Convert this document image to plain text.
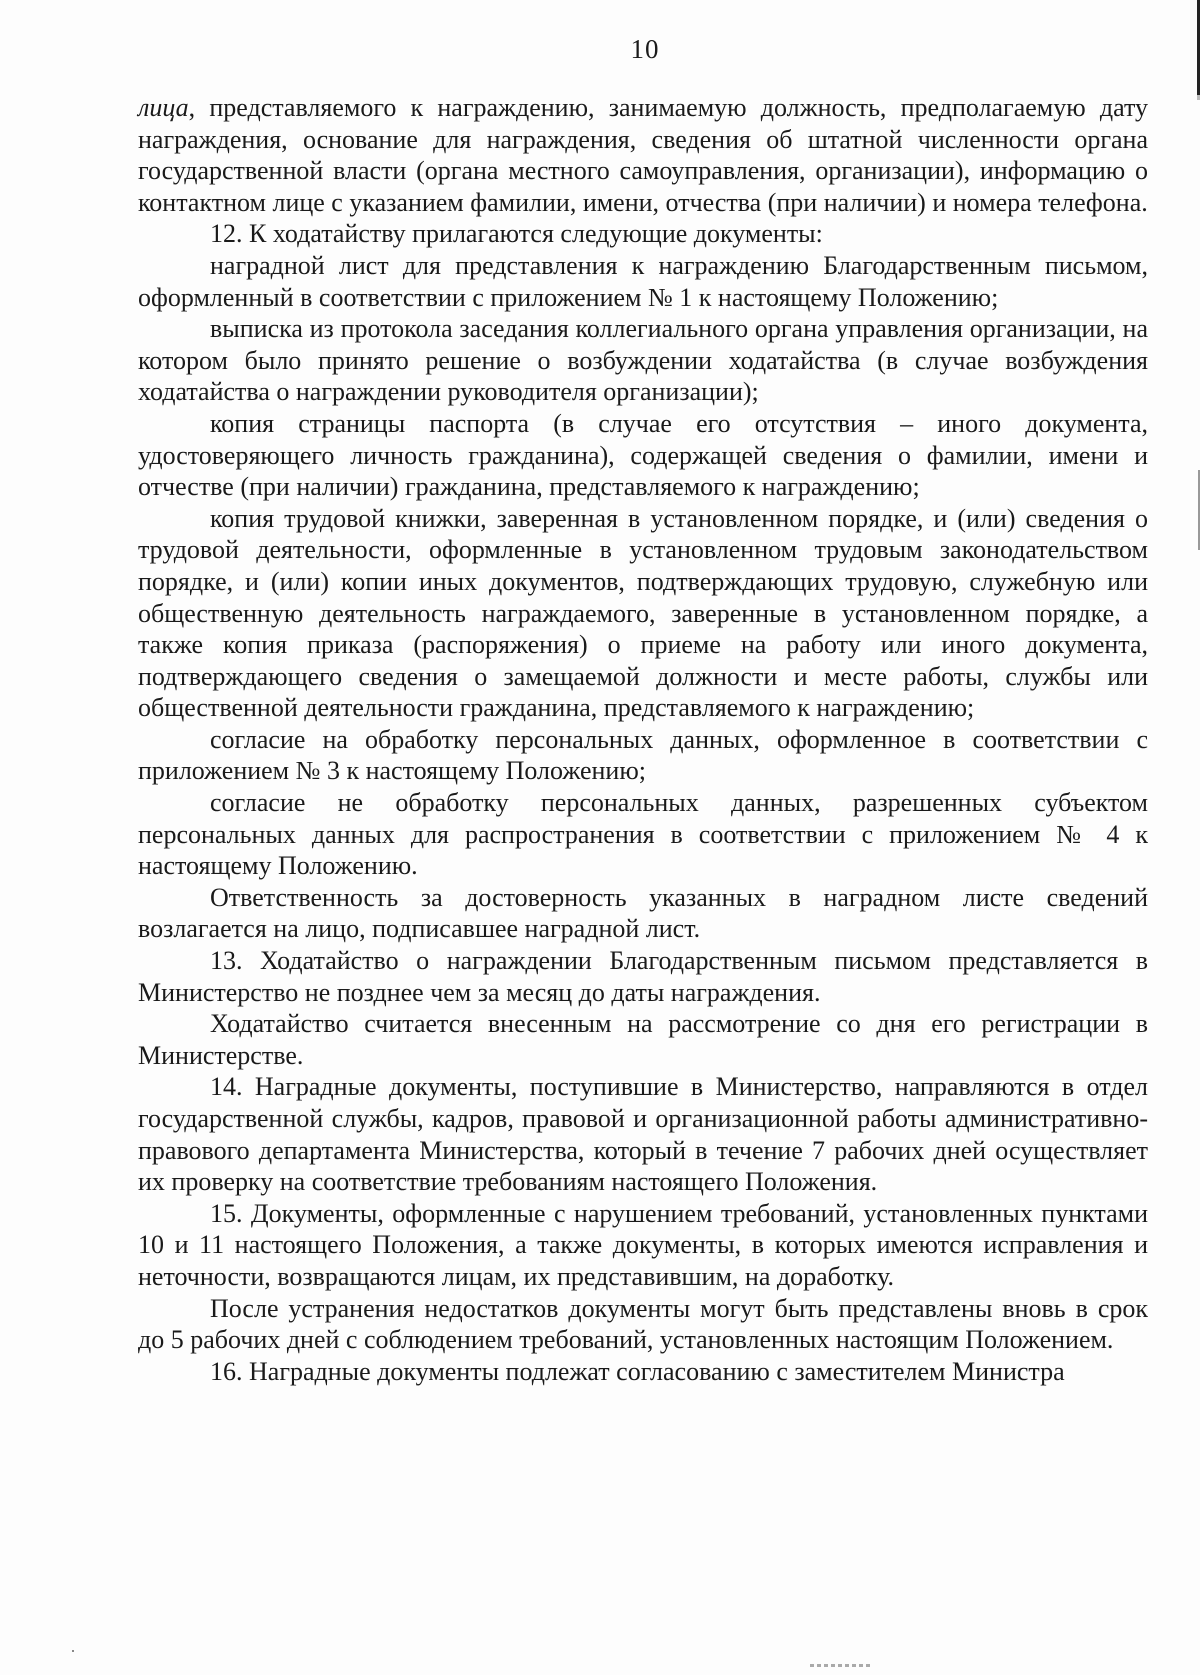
10

лица, представляемого к награждению, занимаемую должность, предполагаемую дату награждения, основание для награждения, сведения об штатной численности органа государственной власти (органа местного самоуправления, организации), информацию о контактном лице с указанием фамилии, имени, отчества (при наличии) и номера телефона.

12. К ходатайству прилагаются следующие документы:

наградной лист для представления к награждению Благодарственным письмом, оформленный в соответствии с приложением № 1 к настоящему Положению;

выписка из протокола заседания коллегиального органа управления организации, на котором было принято решение о возбуждении ходатайства (в случае возбуждения ходатайства о награждении руководителя организации);

копия страницы паспорта (в случае его отсутствия – иного документа, удостоверяющего личность гражданина), содержащей сведения о фамилии, имени и отчестве (при наличии) гражданина, представляемого к награждению;

копия трудовой книжки, заверенная в установленном порядке, и (или) сведения о трудовой деятельности, оформленные в установленном трудовым законодательством порядке, и (или) копии иных документов, подтверждающих трудовую, служебную или общественную деятельность награждаемого, заверенные в установленном порядке, а также копия приказа (распоряжения) о приеме на работу или иного документа, подтверждающего сведения о замещаемой должности и месте работы, службы или общественной деятельности гражданина, представляемого к награждению;

согласие на обработку персональных данных, оформленное в соответствии с приложением № 3 к настоящему Положению;

согласие не обработку персональных данных, разрешенных субъектом персональных данных для распространения в соответствии с приложением № 4 к настоящему Положению.

Ответственность за достоверность указанных в наградном листе сведений возлагается на лицо, подписавшее наградной лист.

13. Ходатайство о награждении Благодарственным письмом представляется в Министерство не позднее чем за месяц до даты награждения.

Ходатайство считается внесенным на рассмотрение со дня его регистрации в Министерстве.

14. Наградные документы, поступившие в Министерство, направляются в отдел государственной службы, кадров, правовой и организационной работы административно-правового департамента Министерства, который в течение 7 рабочих дней осуществляет их проверку на соответствие требованиям настоящего Положения.

15. Документы, оформленные с нарушением требований, установленных пунктами 10 и 11 настоящего Положения, а также документы, в которых имеются исправления и неточности, возвращаются лицам, их представившим, на доработку.

После устранения недостатков документы могут быть представлены вновь в срок до 5 рабочих дней с соблюдением требований, установленных настоящим Положением.

16. Наградные документы подлежат согласованию с заместителем Министра
